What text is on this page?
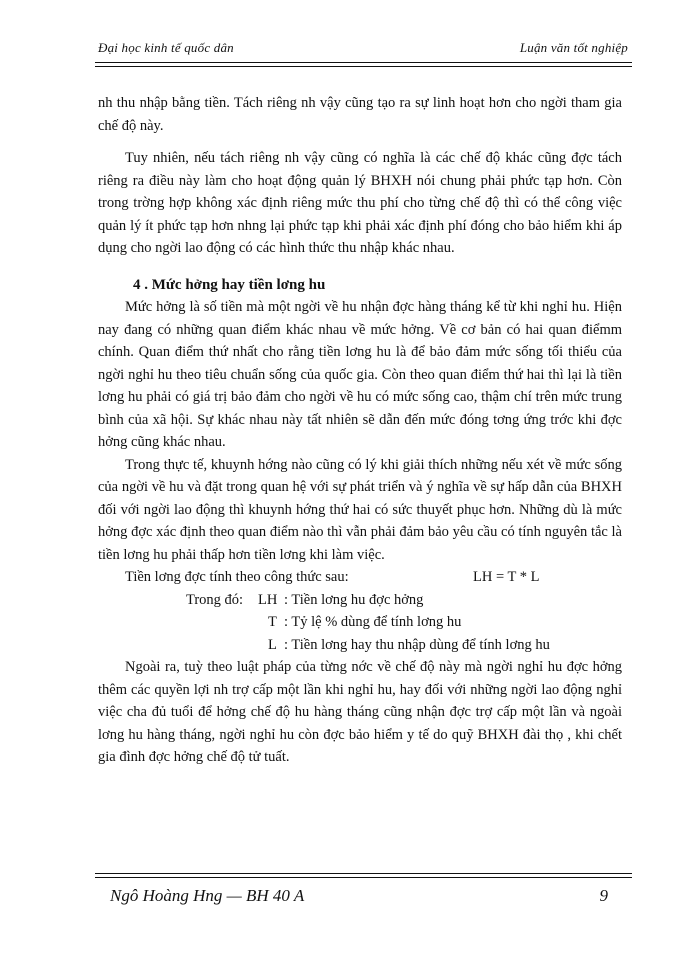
Đại học kinh tế quốc dân	Luận văn tốt nghiệp

nh thu nhập bằng tiền. Tách riêng nh vậy cũng tạo ra sự linh hoạt hơn cho ngời tham gia chế độ này.

Tuy nhiên, nếu tách riêng nh vậy cũng có nghĩa là các chế độ khác cũng đợc tách riêng ra điều này làm cho hoạt động quản lý BHXH nói chung phải phức tạp hơn. Còn trong trờng hợp không xác định riêng mức thu phí cho từng chế độ thì có thể công việc quản lý ít phức tạp hơn nhng lại phức tạp khi phải xác định phí đóng cho bảo hiểm khi áp dụng cho ngời lao động có các hình thức thu nhập khác nhau.

4 . Mức hởng hay tiền lơng hu

Mức hởng là số tiền mà một ngời về hu nhận đợc hàng tháng kể từ khi nghỉ hu. Hiện nay đang có những quan điểm khác nhau về mức hởng. Về cơ bản có hai quan điểmm chính. Quan điểm thứ nhất cho rằng tiền lơng hu là để bảo đảm mức sống tối thiểu của ngời nghỉ hu theo tiêu chuẩn sống của quốc gia. Còn theo quan điểm thứ hai thì lại là tiền lơng hu phải có giá trị bảo đảm cho ngời về hu có mức sống cao, thậm chí trên mức trung bình của xã hội. Sự khác nhau này tất nhiên sẽ dẫn đến mức đóng tơng ứng trớc khi đợc hởng cũng khác nhau.

Trong thực tế, khuynh hớng nào cũng có lý khi giải thích những nếu xét về mức sống của ngời về hu và đặt trong quan hệ với sự phát triển và ý nghĩa về sự hấp dẫn của BHXH đối với ngời lao động thì khuynh hớng thứ hai có sức thuyết phục hơn. Những dù là mức hởng đợc xác định theo quan điểm nào thì vẫn phải đảm bảo yêu cầu có tính nguyên tắc là tiền lơng hu phải thấp hơn tiền lơng khi làm việc.

Tiền lơng đợc tính theo công thức sau:	LH = T * L

Trong đó: LH : Tiền lơng hu đợc hởng
T : Tỷ lệ % dùng để tính lơng hu
L : Tiền lơng hay thu nhập dùng để tính lơng hu

Ngoài ra, tuỳ theo luật pháp của từng nớc về chế độ này mà ngời nghỉ hu đợc hởng thêm các quyền lợi nh trợ cấp một lần khi nghỉ hu, hay đối với những ngời lao động nghỉ việc cha đủ tuổi để hởng chế độ hu hàng tháng cũng nhận đợc trợ cấp một lần và ngoài lơng hu hàng tháng, ngời nghỉ hu còn đợc bảo hiểm y tế do quỹ BHXH đài thọ , khi chết gia đình đợc hởng chế độ tử tuất.

Ngô Hoàng Hng — BH 40 A	9
